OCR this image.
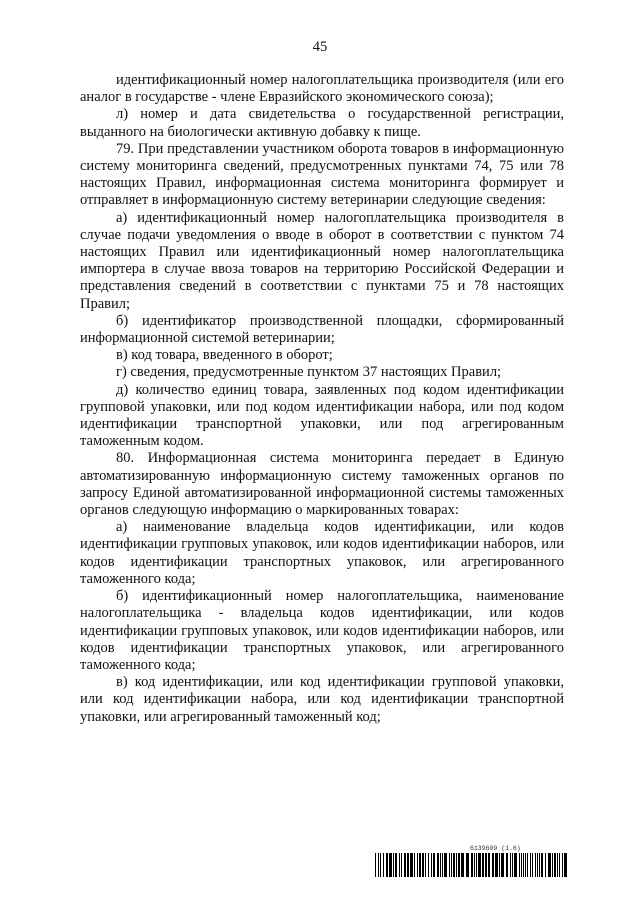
45

идентификационный номер налогоплательщика производителя (или его аналог в государстве - члене Евразийского экономического союза);

л) номер и дата свидетельства о государственной регистрации, выданного на биологически активную добавку к пище.

79. При представлении участником оборота товаров в информационную систему мониторинга сведений, предусмотренных пунктами 74, 75 или 78 настоящих Правил, информационная система мониторинга формирует и отправляет в информационную систему ветеринарии следующие сведения:

а) идентификационный номер налогоплательщика производителя в случае подачи уведомления о вводе в оборот в соответствии с пунктом 74 настоящих Правил или идентификационный номер налогоплательщика импортера в случае ввоза товаров на территорию Российской Федерации и представления сведений в соответствии с пунктами 75 и 78 настоящих Правил;

б) идентификатор производственной площадки, сформированный информационной системой ветеринарии;

в) код товара, введенного в оборот;

г) сведения, предусмотренные пунктом 37 настоящих Правил;

д) количество единиц товара, заявленных под кодом идентификации групповой упаковки, или под кодом идентификации набора, или под кодом идентификации транспортной упаковки, или под агрегированным таможенным кодом.

80. Информационная система мониторинга передает в Единую автоматизированную информационную систему таможенных органов по запросу Единой автоматизированной информационной системы таможенных органов следующую информацию о маркированных товарах:

а) наименование владельца кодов идентификации, или кодов идентификации групповых упаковок, или кодов идентификации наборов, или кодов идентификации транспортных упаковок, или агрегированного таможенного кода;

б) идентификационный номер налогоплательщика, наименование налогоплательщика - владельца кодов идентификации, или кодов идентификации групповых упаковок, или кодов идентификации наборов, или кодов идентификации транспортных упаковок, или агрегированного таможенного кода;

в) код идентификации, или код идентификации групповой упаковки, или код идентификации набора, или код идентификации транспортной упаковки, или агрегированный таможенный код;

6139609 (1.6)
